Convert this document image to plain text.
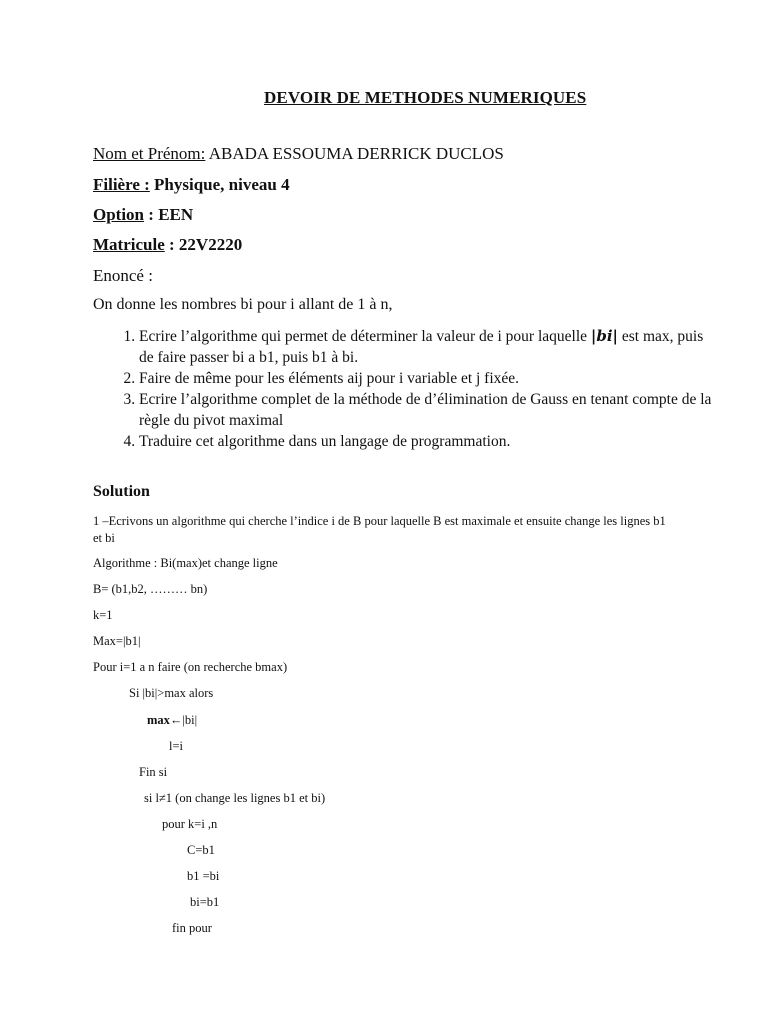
DEVOIR DE METHODES NUMERIQUES
Nom et Prénom: ABADA ESSOUMA DERRICK DUCLOS
Filière : Physique, niveau 4
Option : EEN
Matricule : 22V2220
Enoncé :
On donne les nombres bi pour i allant de 1 à n,
1. Ecrire l’algorithme qui permet de déterminer la valeur de i pour laquelle |bi| est max, puis de faire passer bi a b1, puis b1 à bi.
2. Faire de même pour les éléments aij pour i variable et j fixée.
3. Ecrire l’algorithme complet de la méthode de d’élimination de Gauss en tenant compte de la règle du pivot maximal
4. Traduire cet algorithme dans un langage de programmation.
Solution
1 –Ecrivons un algorithme qui cherche l’indice i de B pour laquelle B est maximale et ensuite change les lignes b1 et bi
Algorithme : Bi(max)et change ligne
B= (b1,b2, ……… bn)
k=1
Max=|b1|
Pour i=1 a n faire (on recherche bmax)
Si |bi|>max alors
max←|bi|
l=i
Fin si
si l≠1 (on change les lignes b1 et bi)
pour k=i ,n
C=b1
b1 =bi
bi=b1
fin pour
